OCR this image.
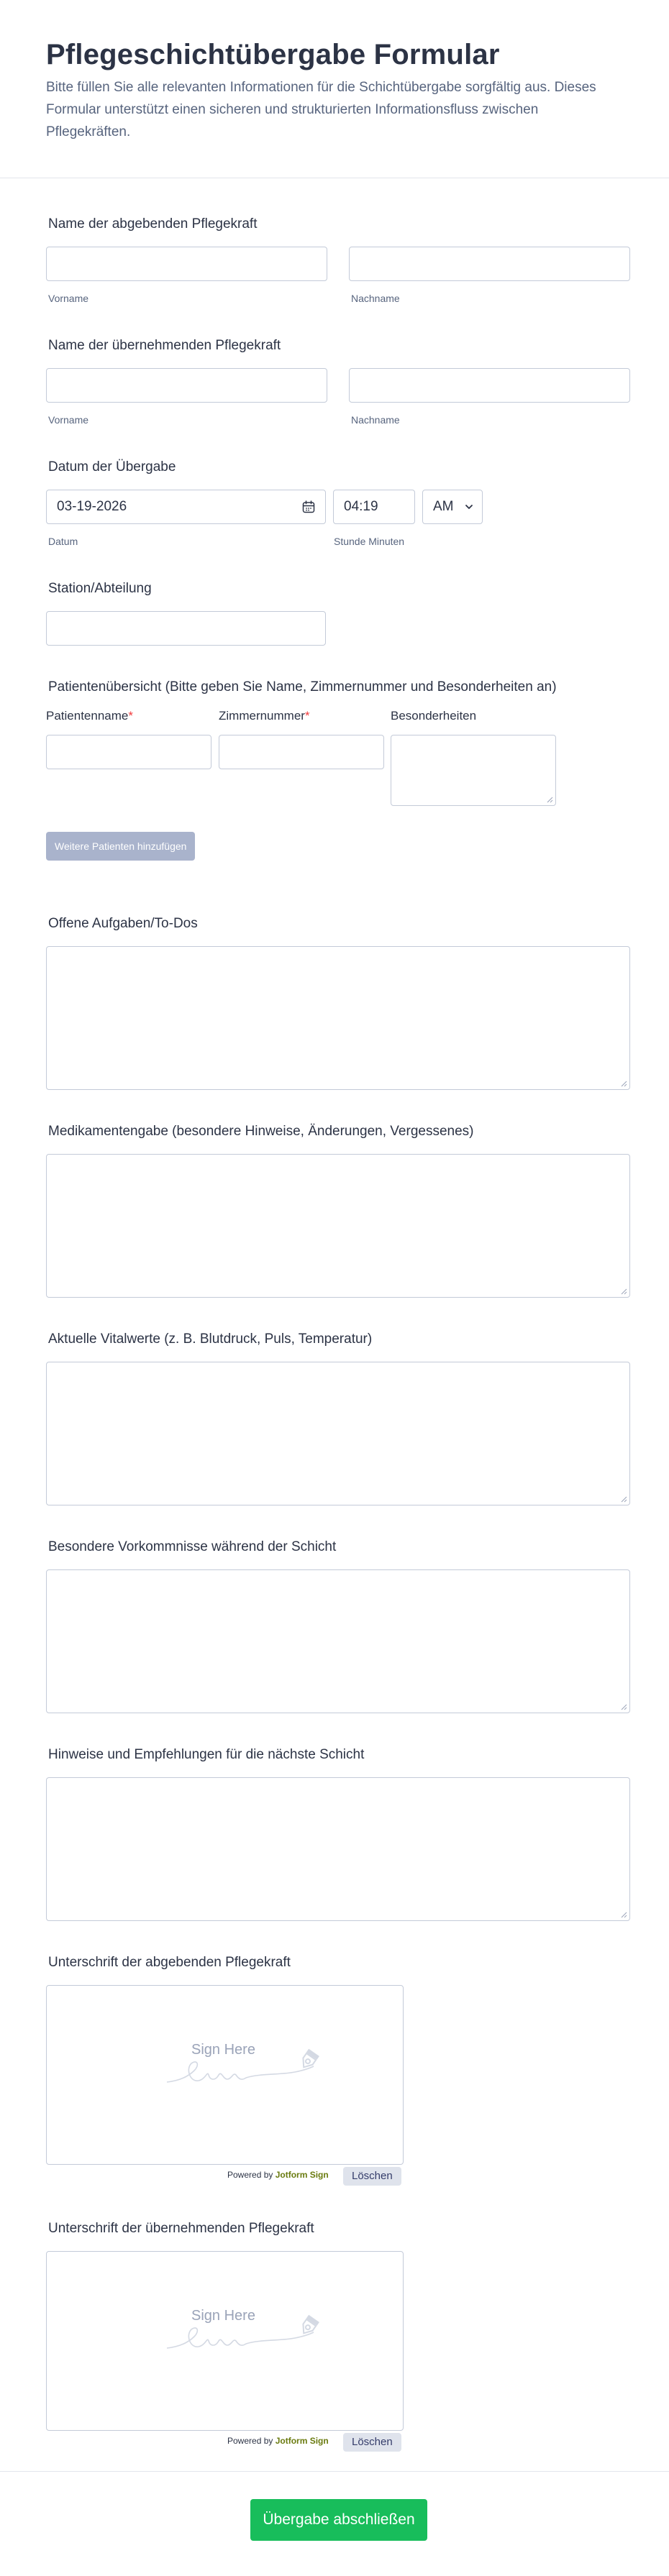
Pflegeschichtübergabe Formular

Bitte füllen Sie alle relevanten Informationen für die Schichtübergabe sorgfältig aus. Dieses Formular unterstützt einen sicheren und strukturierten Informationsfluss zwischen Pflegekräften.

Name der abgebenden Pflegekraft
Vorname	Nachname
Name der übernehmenden Pflegekraft
Vorname	Nachname
Datum der Übergabe
03-19-2026
Datum
04:19
Stunde Minuten
AM
Station/Abteilung
Patientenübersicht (Bitte geben Sie Name, Zimmernummer und Besonderheiten an)
Patientenname*	Zimmernummer*	Besonderheiten
Weitere Patienten hinzufügen
Offene Aufgaben/To-Dos
Medikamentengabe (besondere Hinweise, Änderungen, Vergessenes)
Aktuelle Vitalwerte (z. B. Blutdruck, Puls, Temperatur)
Besondere Vorkommnisse während der Schicht
Hinweise und Empfehlungen für die nächste Schicht
Unterschrift der abgebenden Pflegekraft
Sign Here
Powered by Jotform Sign	Löschen
Unterschrift der übernehmenden Pflegekraft
Sign Here
Powered by Jotform Sign	Löschen
Übergabe abschließen
